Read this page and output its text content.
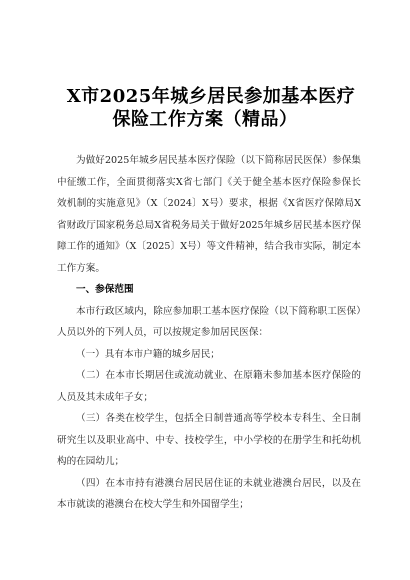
X市2025年城乡居民参加基本医疗
保险工作方案（精品）

为做好2025年城乡居民基本医疗保险（以下简称居民医保）参保集中征缴工作，全面贯彻落实X省七部门《关于健全基本医疗保险参保长效机制的实施意见》（X〔2024〕X号）要求，根据《X省医疗保障局X省财政厅国家税务总局X省税务局关于做好2025年城乡居民基本医疗保障工作的通知》（X〔2025〕X号）等文件精神，结合我市实际，制定本工作方案。

一、参保范围

本市行政区域内，除应参加职工基本医疗保险（以下简称职工医保）人员以外的下列人员，可以按规定参加居民医保：

（一）具有本市户籍的城乡居民；

（二）在本市长期居住或流动就业、在原籍未参加基本医疗保险的人员及其未成年子女；

（三）各类在校学生，包括全日制普通高等学校本专科生、全日制研究生以及职业高中、中专、技校学生，中小学校的在册学生和托幼机构的在园幼儿；

（四）在本市持有港澳台居民居住证的未就业港澳台居民，以及在本市就读的港澳台在校大学生和外国留学生；
